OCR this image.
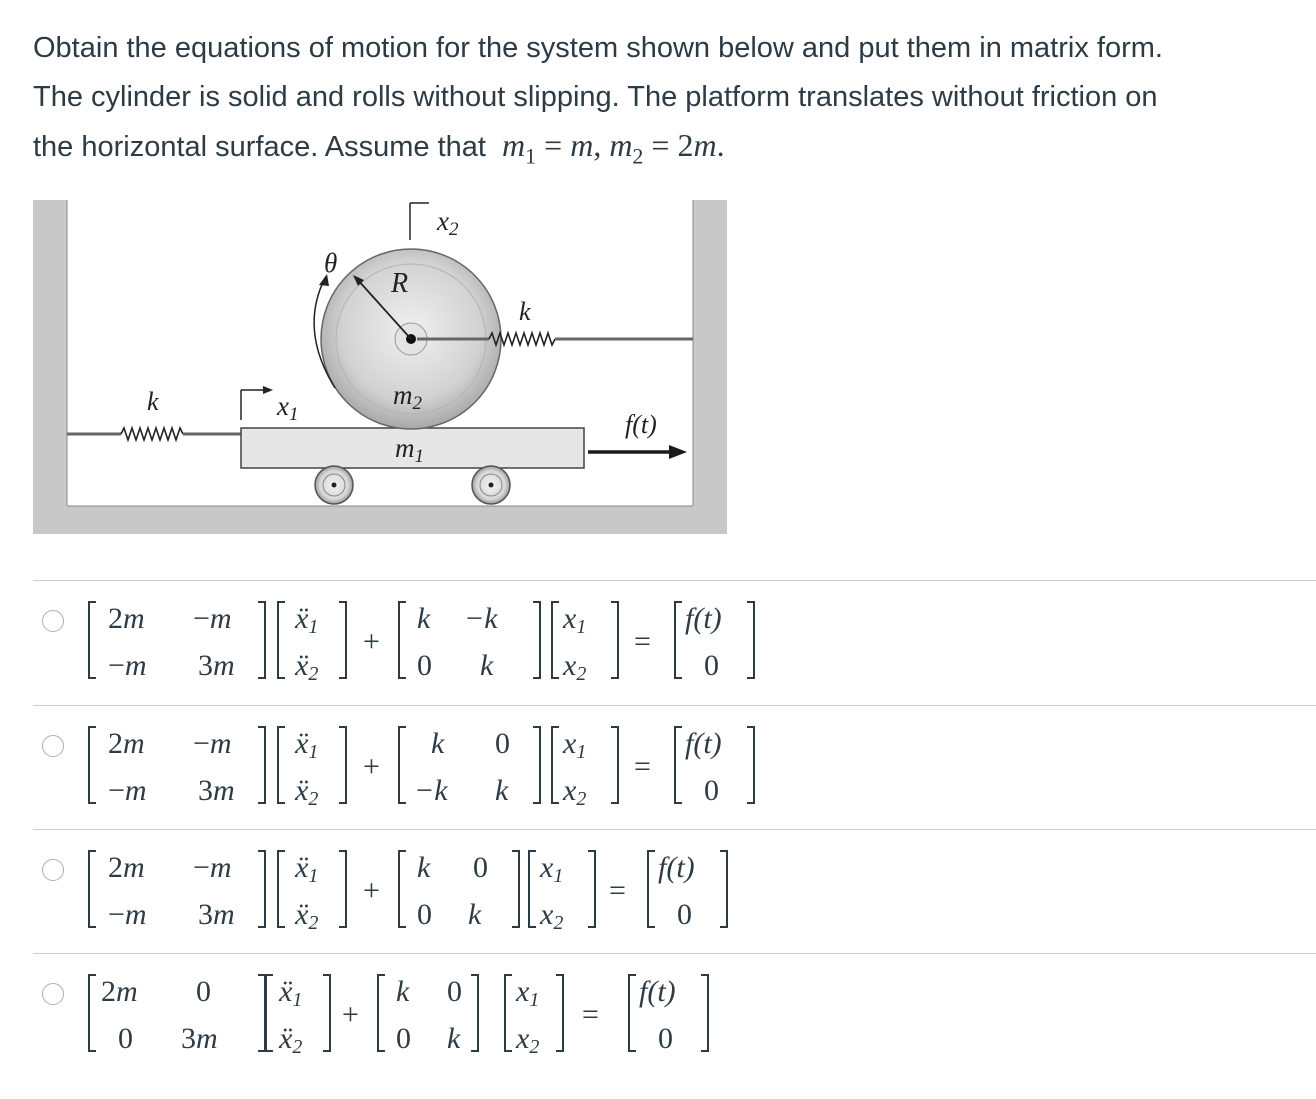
Obtain the equations of motion for the system shown below and put them in matrix form.
The cylinder is solid and rolls without slipping. The platform translates without friction on
the horizontal surface. Assume that $m_1 = m$, $m_2 = 2m$.
k	x1
m1
R
m2
θ
x2
k
f(t)
2m −m
−m 3m
ẍ1
ẍ2
+
k −k
0 k
x1
x2
=
f(t)
0
2m −m
−m 3m
ẍ1
ẍ2
+
k 0
−k k
x1
x2
=
f(t)
0
2m −m
−m 3m
ẍ1
ẍ2
+
k 0
0 k
x1
x2
=
f(t)
0
2m 0
0 3m
ẍ1
ẍ2
+
k 0
0 k
x1
x2
=
f(t)
0
